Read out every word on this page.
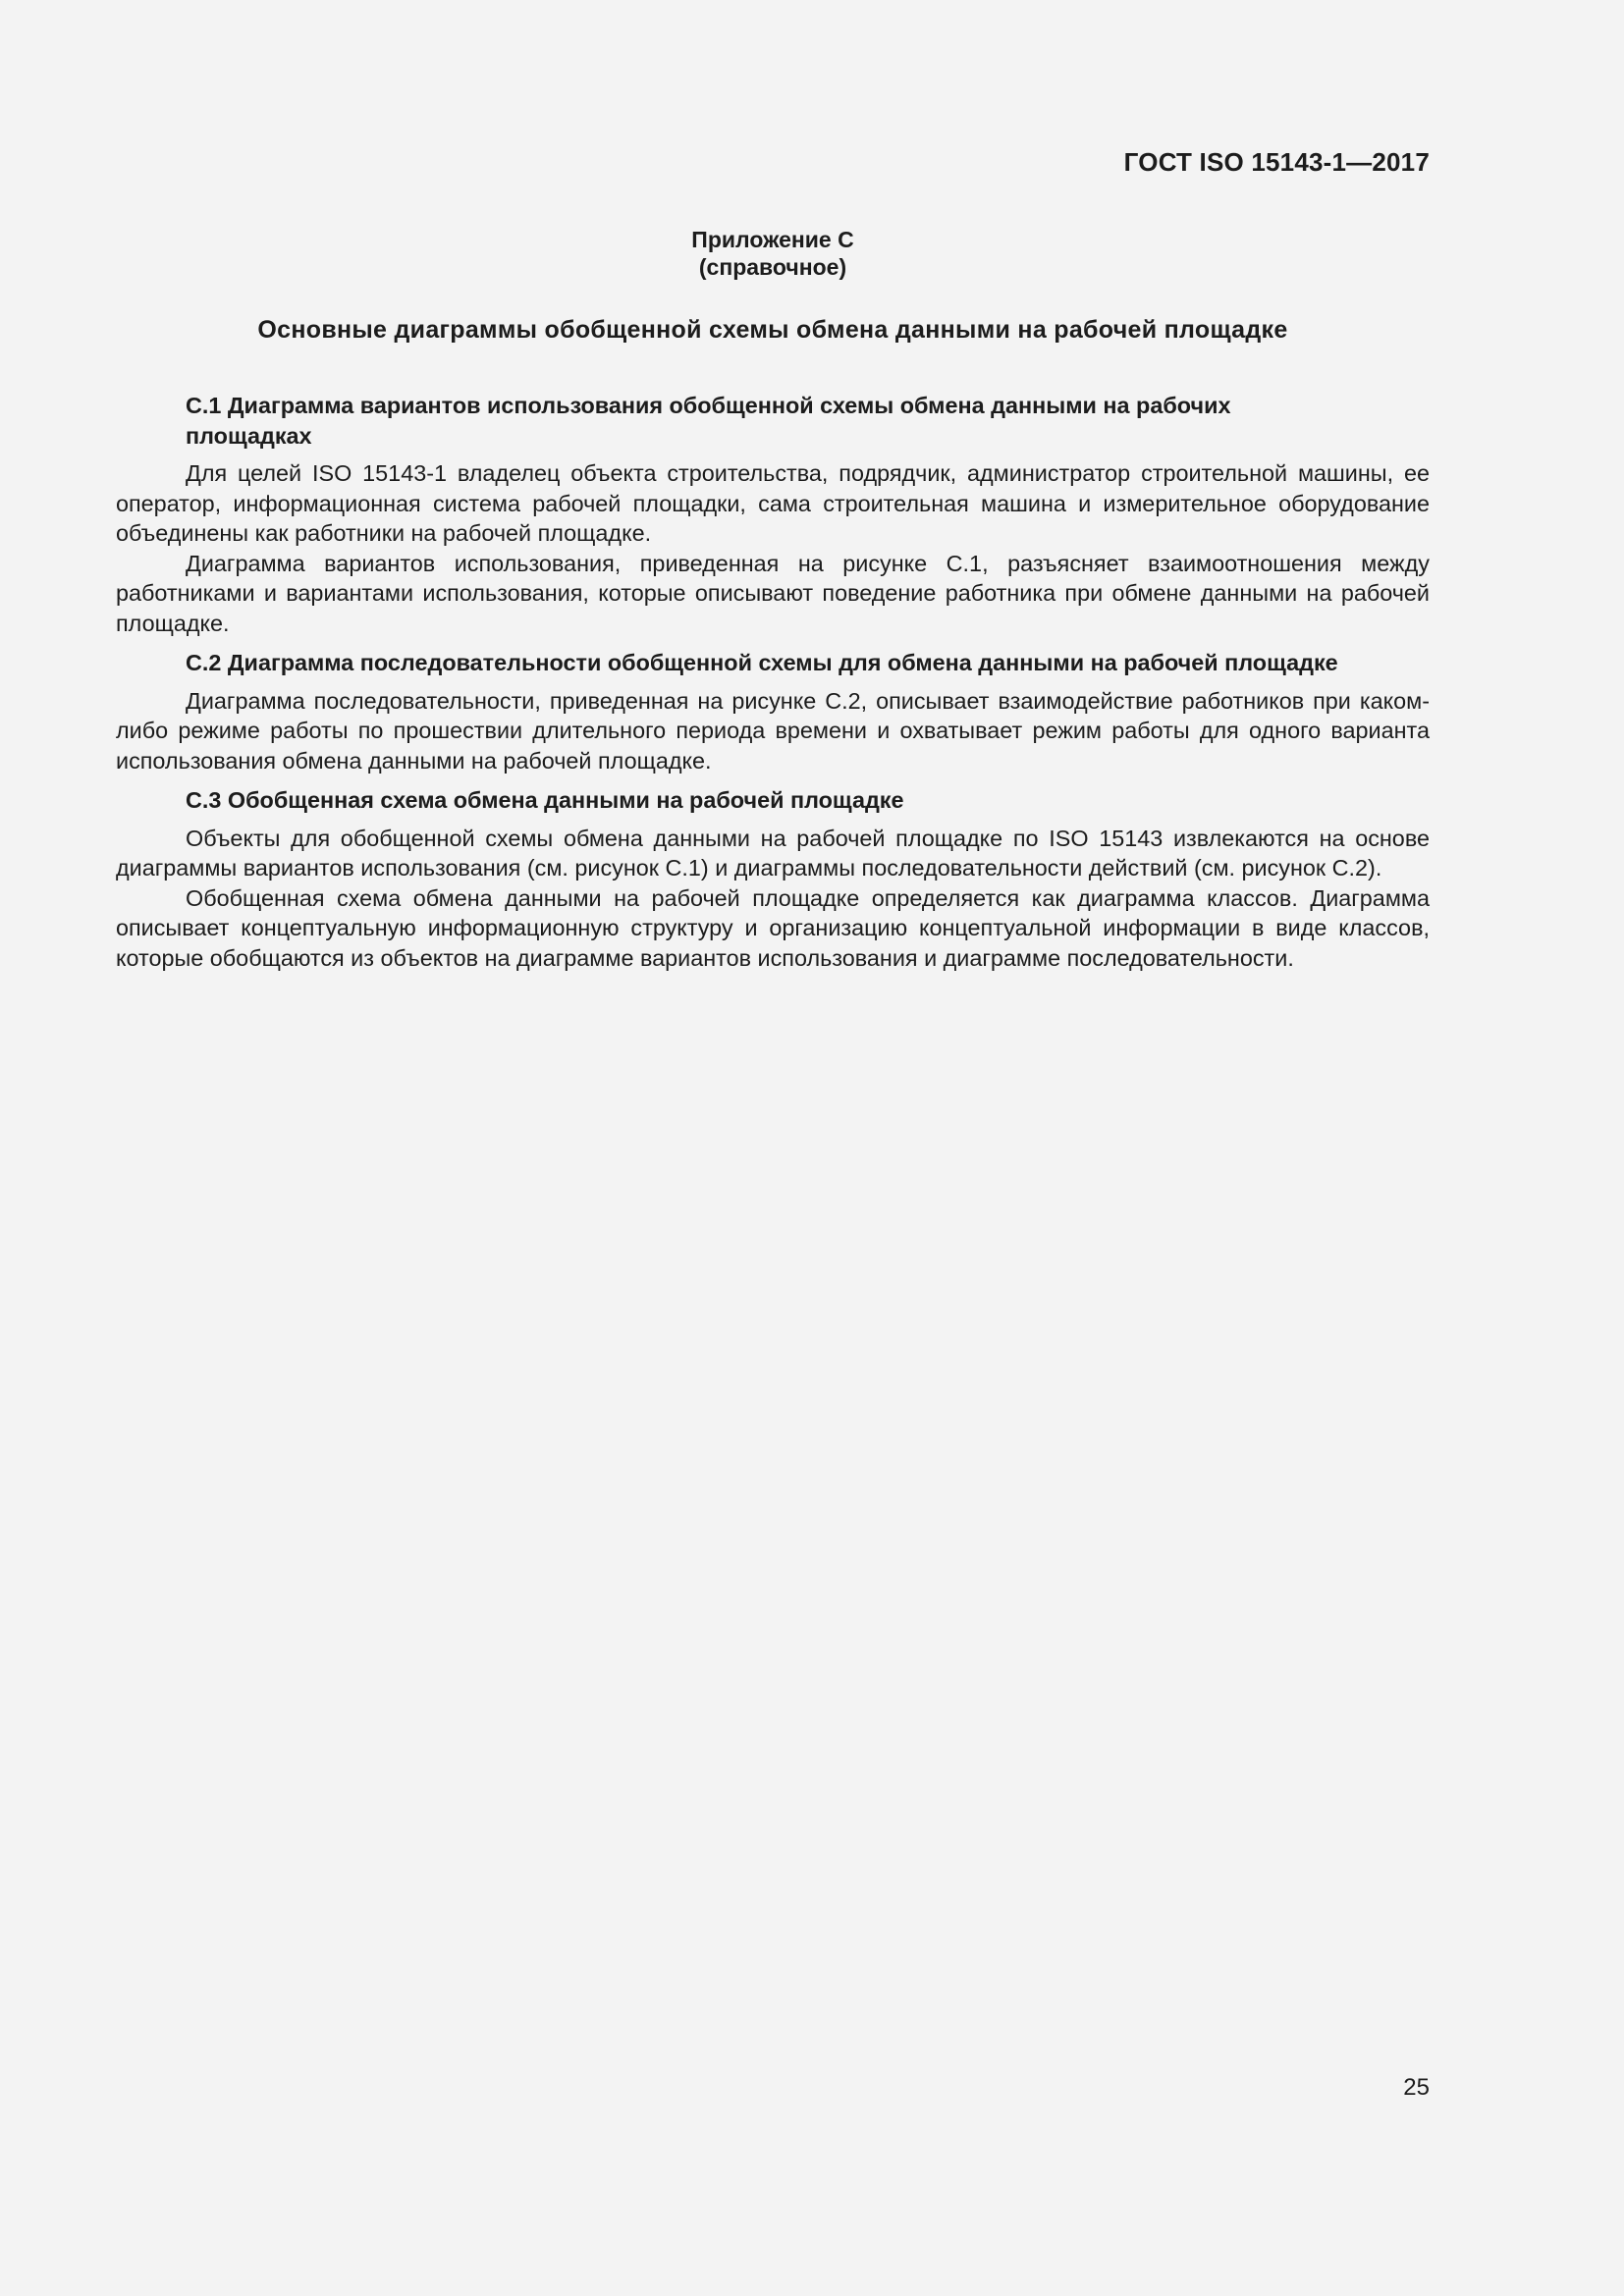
ГОСТ ISO 15143-1—2017
Приложение C
(справочное)
Основные диаграммы обобщенной схемы обмена данными на рабочей площадке

C.1 Диаграмма вариантов использования обобщенной схемы обмена данными на рабочих
площадках

Для целей ISO 15143-1 владелец объекта строительства, подрядчик, администратор строительной машины, ее оператор, информационная система рабочей площадки, сама строительная машина и измерительное оборудование объединены как работники на рабочей площадке.

Диаграмма вариантов использования, приведенная на рисунке C.1, разъясняет взаимоотношения между работниками и вариантами использования, которые описывают поведение работника при обмене данными на рабочей площадке.

C.2 Диаграмма последовательности обобщенной схемы для обмена данными на рабочей площадке

Диаграмма последовательности, приведенная на рисунке C.2, описывает взаимодействие работников при каком-либо режиме работы по прошествии длительного периода времени и охватывает режим работы для одного варианта использования обмена данными на рабочей площадке.

C.3 Обобщенная схема обмена данными на рабочей площадке

Объекты для обобщенной схемы обмена данными на рабочей площадке по ISO 15143 извлекаются на основе диаграммы вариантов использования (см. рисунок C.1) и диаграммы последовательности действий (см. рисунок C.2).

Обобщенная схема обмена данными на рабочей площадке определяется как диаграмма классов. Диаграмма описывает концептуальную информационную структуру и организацию концептуальной информации в виде классов, которые обобщаются из объектов на диаграмме вариантов использования и диаграмме последовательности.

25
